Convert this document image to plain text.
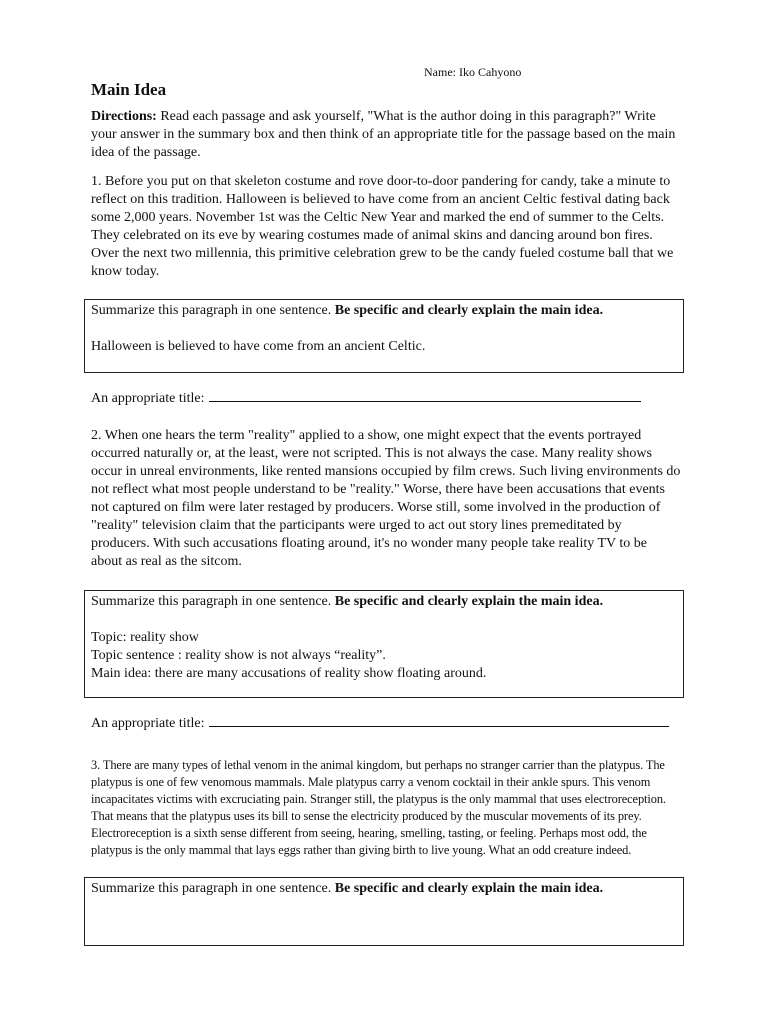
Name: Iko Cahyono
Main Idea

Directions: Read each passage and ask yourself, "What is the author doing in this paragraph?" Write your answer in the summary box and then think of an appropriate title for the passage based on the main idea of the passage.

1. Before you put on that skeleton costume and rove door-to-door pandering for candy, take a minute to reflect on this tradition. Halloween is believed to have come from an ancient Celtic festival dating back some 2,000 years. November 1st was the Celtic New Year and marked the end of summer to the Celts. They celebrated on its eve by wearing costumes made of animal skins and dancing around bon fires. Over the next two millennia, this primitive celebration grew to be the candy fueled costume ball that we know today.

Summarize this paragraph in one sentence. Be specific and clearly explain the main idea.
Halloween is believed to have come from an ancient Celtic.
An appropriate title:

2. When one hears the term "reality" applied to a show, one might expect that the events portrayed occurred naturally or, at the least, were not scripted. This is not always the case. Many reality shows occur in unreal environments, like rented mansions occupied by film crews. Such living environments do not reflect what most people understand to be "reality." Worse, there have been accusations that events not captured on film were later restaged by producers. Worse still, some involved in the production of "reality" television claim that the participants were urged to act out story lines premeditated by producers. With such accusations floating around, it's no wonder many people take reality TV to be about as real as the sitcom.

Summarize this paragraph in one sentence. Be specific and clearly explain the main idea.
Topic: reality show
Topic sentence : reality show is not always “reality”.
Main idea: there are many accusations of reality show floating around.
An appropriate title:

3. There are many types of lethal venom in the animal kingdom, but perhaps no stranger carrier than the platypus. The platypus is one of few venomous mammals. Male platypus carry a venom cocktail in their ankle spurs. This venom incapacitates victims with excruciating pain. Stranger still, the platypus is the only mammal that uses electroreception. That means that the platypus uses its bill to sense the electricity produced by the muscular movements of its prey. Electroreception is a sixth sense different from seeing, hearing, smelling, tasting, or feeling. Perhaps most odd, the platypus is the only mammal that lays eggs rather than giving birth to live young. What an odd creature indeed.

Summarize this paragraph in one sentence. Be specific and clearly explain the main idea.
